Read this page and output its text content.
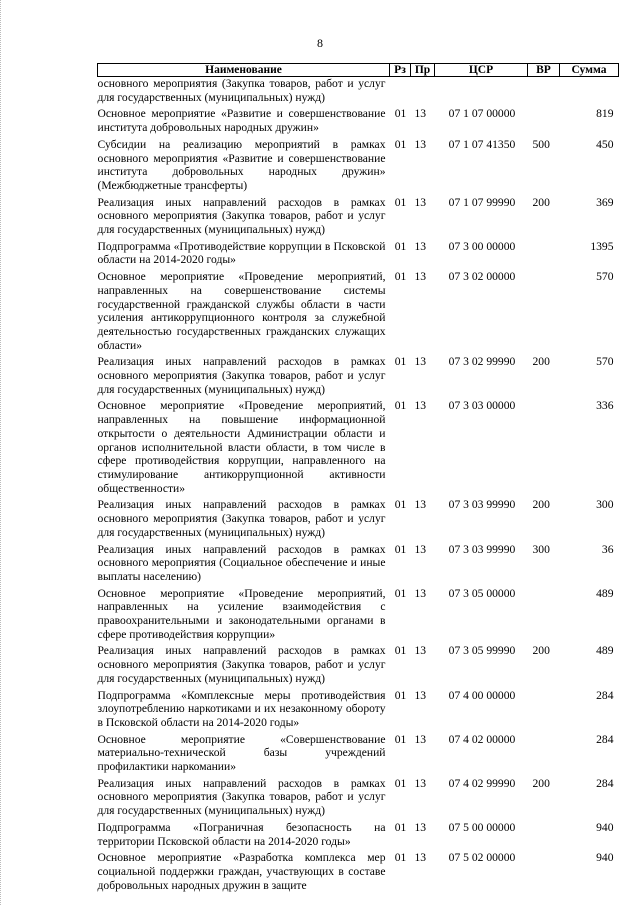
8
Наименование	Рз	Пр	ЦСР	ВР	Сумма
основного мероприятия (Закупка товаров, работ и услуг для государственных (муниципальных) нужд)					
Основное мероприятие «Развитие и совершенствование института добровольных народных дружин»	01	13	07 1 07 00000		819
Субсидии на реализацию мероприятий в рамках основного мероприятия «Развитие и совершенствование института добровольных народных дружин» (Межбюджетные трансферты)	01	13	07 1 07 41350	500	450
Реализация иных направлений расходов в рамках основного мероприятия (Закупка товаров, работ и услуг для государственных (муниципальных) нужд)	01	13	07 1 07 99990	200	369
Подпрограмма «Противодействие коррупции в Псковской области на 2014-2020 годы»	01	13	07 3 00 00000		1395
Основное мероприятие «Проведение мероприятий, направленных на совершенствование системы государственной гражданской службы области в части усиления антикоррупционного контроля за служебной деятельностью государственных гражданских служащих области»	01	13	07 3 02 00000		570
Реализация иных направлений расходов в рамках основного мероприятия (Закупка товаров, работ и услуг для государственных (муниципальных) нужд)	01	13	07 3 02 99990	200	570
Основное мероприятие «Проведение мероприятий, направленных на повышение информационной открытости о деятельности Администрации области и органов исполнительной власти области, в том числе в сфере противодействия коррупции, направленного на стимулирование антикоррупционной активности общественности»	01	13	07 3 03 00000		336
Реализация иных направлений расходов в рамках основного мероприятия (Закупка товаров, работ и услуг для государственных (муниципальных) нужд)	01	13	07 3 03 99990	200	300
Реализация иных направлений расходов в рамках основного мероприятия (Социальное обеспечение и иные выплаты населению)	01	13	07 3 03 99990	300	36
Основное мероприятие «Проведение мероприятий, направленных на усиление взаимодействия с правоохранительными и законодательными органами в сфере противодействия коррупции»	01	13	07 3 05 00000		489
Реализация иных направлений расходов в рамках основного мероприятия (Закупка товаров, работ и услуг для государственных (муниципальных) нужд)	01	13	07 3 05 99990	200	489
Подпрограмма «Комплексные меры противодействия злоупотреблению наркотиками и их незаконному обороту в Псковской области на 2014-2020 годы»	01	13	07 4 00 00000		284
Основное мероприятие «Совершенствование материально-технической базы учреждений профилактики наркомании»	01	13	07 4 02 00000		284
Реализация иных направлений расходов в рамках основного мероприятия (Закупка товаров, работ и услуг для государственных (муниципальных) нужд)	01	13	07 4 02 99990	200	284
Подпрограмма «Пограничная безопасность на территории Псковской области на 2014-2020 годы»	01	13	07 5 00 00000		940
Основное мероприятие «Разработка комплекса мер социальной поддержки граждан, участвующих в составе добровольных народных дружин в защите	01	13	07 5 02 00000		940
